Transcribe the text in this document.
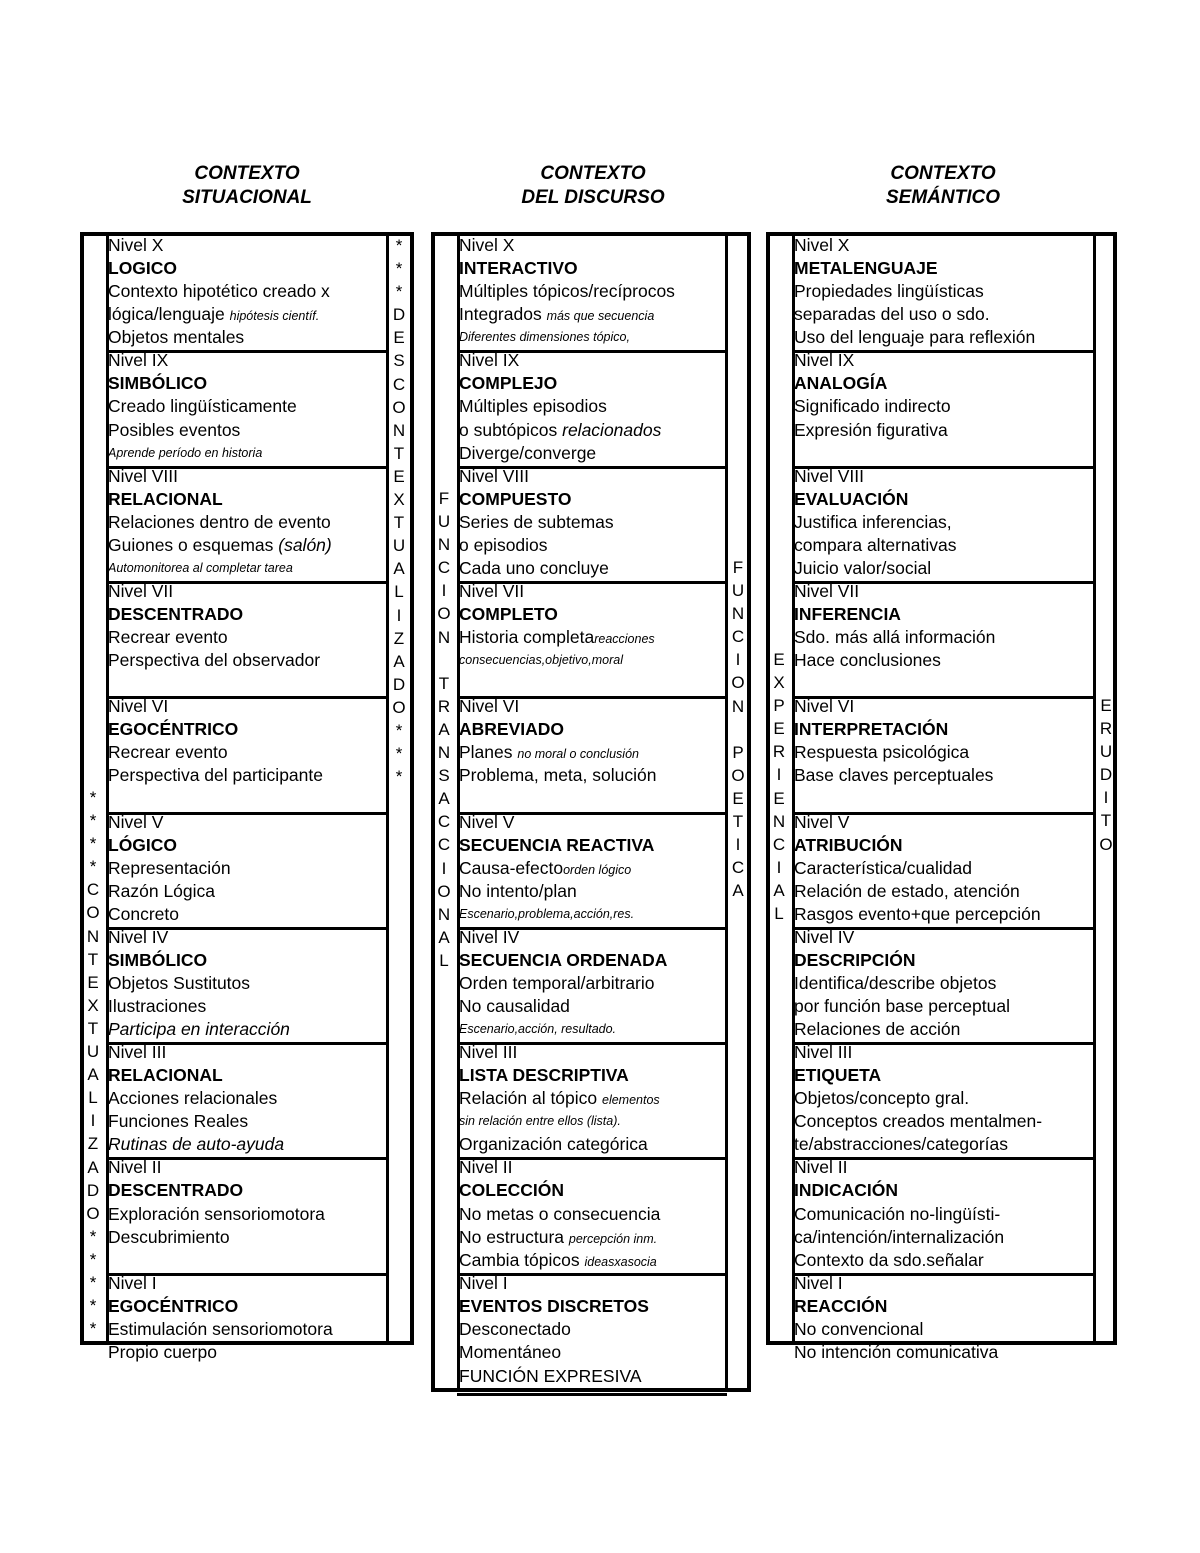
CONTEXTO
SITUACIONAL
CONTEXTO
DEL DISCURSO
CONTEXTO
SEMÁNTICO
Nivel X
LOGICO
Contexto hipotético creado x
lógica/lenguaje hipótesis científ.
Objetos mentales
Nivel IX
SIMBÓLICO
Creado lingüísticamente
Posibles eventos
Aprende período en historia
Nivel VIII
RELACIONAL
Relaciones dentro de evento
Guiones o esquemas (salón)
Automonitorea al completar tarea
Nivel VII
DESCENTRADO
Recrear evento
Perspectiva del observador
Nivel VI
EGOCÉNTRICO
Recrear evento
Perspectiva del participante
Nivel V
LÓGICO
Representación
Razón Lógica
Concreto
Nivel IV
SIMBÓLICO
Objetos Sustitutos
Ilustraciones
Participa en interacción
Nivel III
RELACIONAL
Acciones relacionales
Funciones Reales
Rutinas de auto-ayuda
Nivel II
DESCENTRADO
Exploración sensoriomotora
Descubrimiento
Nivel I
EGOCÉNTRICO
Estimulación sensoriomotora
Propio cuerpo
*
*
*
*
C
O
N
T
E
X
T
U
A
L
I
Z
A
D
O
*
*
*
*
*
*
*
*
D
E
S
C
O
N
T
E
X
T
U
A
L
I
Z
A
D
O
*
*
*
Nivel X
INTERACTIVO
Múltiples tópicos/recíprocos
Integrados más que secuencia
Diferentes dimensiones tópico,
Nivel IX
COMPLEJO
Múltiples episodios
o subtópicos relacionados
Diverge/converge
Nivel VIII
COMPUESTO
Series de subtemas
o episodios
Cada uno concluye
Nivel VII
COMPLETO
Historia completareacciones
consecuencias,objetivo,moral
Nivel VI
ABREVIADO
Planes no moral o conclusión
Problema, meta, solución
Nivel V
SECUENCIA REACTIVA
Causa-efectoorden lógico
No intento/plan
Escenario,problema,acción,res.
Nivel IV
SECUENCIA ORDENADA
Orden temporal/arbitrario
No causalidad
Escenario,acción, resultado.
Nivel III
LISTA DESCRIPTIVA
Relación al tópico elementos
sin relación entre ellos (lista).
Organización categórica
Nivel II
COLECCIÓN
No metas o consecuencia
No estructura percepción inm.
Cambia tópicos ideasxasocia
Nivel I
EVENTOS DISCRETOS
Desconectado
Momentáneo
FUNCIÓN EXPRESIVA
F
U
N
C
I
O
N
T
R
A
N
S
A
C
C
I
O
N
A
L
F
U
N
C
I
O
N
P
O
E
T
I
C
A
Nivel X
METALENGUAJE
Propiedades lingüísticas
separadas del uso o sdo.
Uso del lenguaje para reflexión
Nivel IX
ANALOGÍA
Significado indirecto
Expresión figurativa
Nivel VIII
EVALUACIÓN
Justifica inferencias,
compara alternativas
Juicio valor/social
Nivel VII
INFERENCIA
Sdo. más allá información
Hace conclusiones
Nivel VI
INTERPRETACIÓN
Respuesta psicológica
Base claves perceptuales
Nivel V
ATRIBUCIÓN
Característica/cualidad
Relación de estado, atención
Rasgos evento+que percepción
Nivel IV
DESCRIPCIÓN
Identifica/describe objetos
por función base perceptual
Relaciones de acción
Nivel III
ETIQUETA
Objetos/concepto gral.
Conceptos creados mentalmen-
te/abstracciones/categorías
Nivel II
INDICACIÓN
Comunicación no-lingüísti-
ca/intención/internalización
Contexto da sdo.señalar
Nivel I
REACCIÓN
No convencional
No intención comunicativa
E
X
P
E
R
I
E
N
C
I
A
L
E
R
U
D
I
T
O
